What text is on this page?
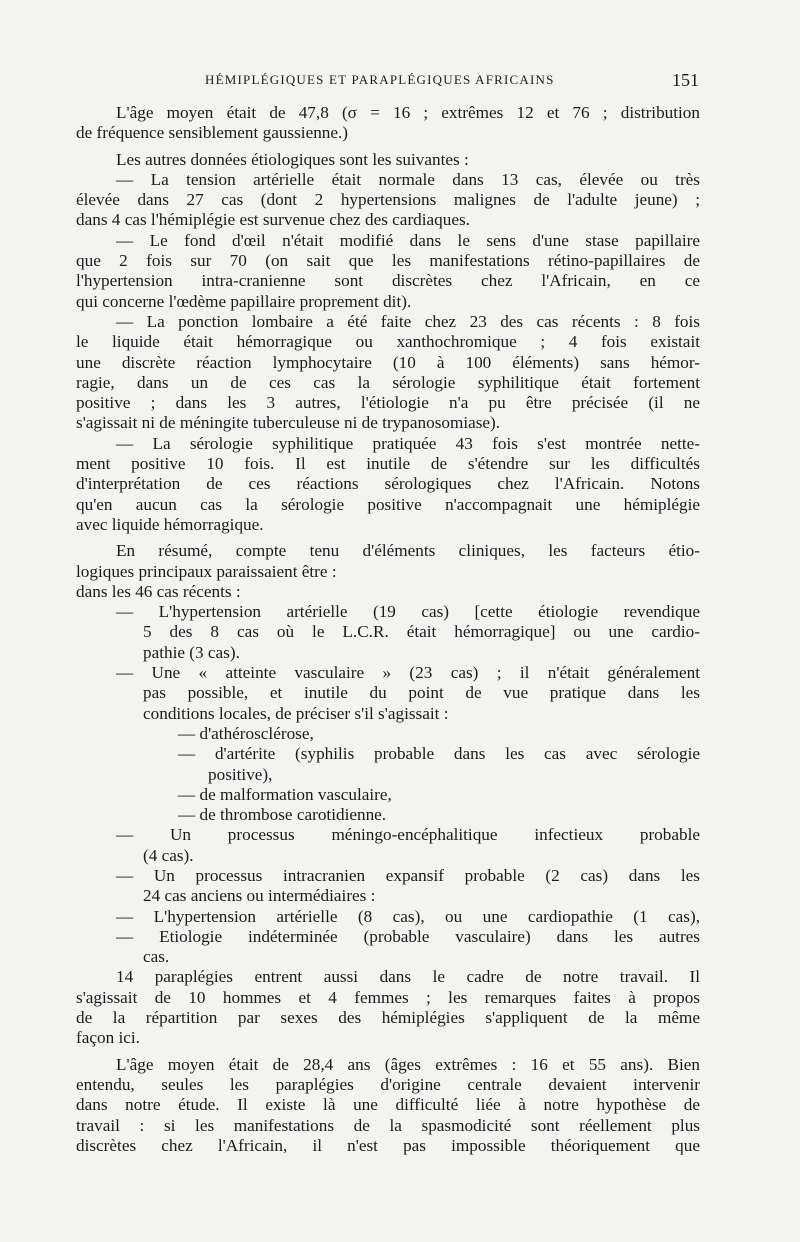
HÉMIPLÉGIQUES ET PARAPLÉGIQUES AFRICAINS	151
L'âge moyen était de 47,8 (σ = 16 ; extrêmes 12 et 76 ; distribution
de fréquence sensiblement gaussienne.)
Les autres données étiologiques sont les suivantes :
— La tension artérielle était normale dans 13 cas, élevée ou très
élevée dans 27 cas (dont 2 hypertensions malignes de l'adulte jeune) ;
dans 4 cas l'hémiplégie est survenue chez des cardiaques.
— Le fond d'œil n'était modifié dans le sens d'une stase papillaire
que 2 fois sur 70 (on sait que les manifestations rétino-papillaires de
l'hypertension intra-cranienne sont discrètes chez l'Africain, en ce
qui concerne l'œdème papillaire proprement dit).
— La ponction lombaire a été faite chez 23 des cas récents : 8 fois
le liquide était hémorragique ou xanthochromique ; 4 fois existait
une discrète réaction lymphocytaire (10 à 100 éléments) sans hémor-
ragie, dans un de ces cas la sérologie syphilitique était fortement
positive ; dans les 3 autres, l'étiologie n'a pu être précisée (il ne
s'agissait ni de méningite tuberculeuse ni de trypanosomiase).
— La sérologie syphilitique pratiquée 43 fois s'est montrée nette-
ment positive 10 fois. Il est inutile de s'étendre sur les difficultés
d'interprétation de ces réactions sérologiques chez l'Africain. Notons
qu'en aucun cas la sérologie positive n'accompagnait une hémiplégie
avec liquide hémorragique.
En résumé, compte tenu d'éléments cliniques, les facteurs étio-
logiques principaux paraissaient être :
dans les 46 cas récents :
— L'hypertension artérielle (19 cas) [cette étiologie revendique
5 des 8 cas où le L.C.R. était hémorragique] ou une cardio-
pathie (3 cas).
— Une « atteinte vasculaire » (23 cas) ; il n'était généralement
pas possible, et inutile du point de vue pratique dans les
conditions locales, de préciser s'il s'agissait :
— d'athérosclérose,
— d'artérite (syphilis probable dans les cas avec sérologie
positive),
— de malformation vasculaire,
— de thrombose carotidienne.
— Un processus méningo-encéphalitique infectieux probable
(4 cas).
— Un processus intracranien expansif probable (2 cas) dans les
24 cas anciens ou intermédiaires :
— L'hypertension artérielle (8 cas), ou une cardiopathie (1 cas),
— Etiologie indéterminée (probable vasculaire) dans les autres
cas.
14 paraplégies entrent aussi dans le cadre de notre travail. Il
s'agissait de 10 hommes et 4 femmes ; les remarques faites à propos
de la répartition par sexes des hémiplégies s'appliquent de la même
façon ici.
L'âge moyen était de 28,4 ans (âges extrêmes : 16 et 55 ans). Bien
entendu, seules les paraplégies d'origine centrale devaient intervenir
dans notre étude. Il existe là une difficulté liée à notre hypothèse de
travail : si les manifestations de la spasmodicité sont réellement plus
discrètes chez l'Africain, il n'est pas impossible théoriquement que
